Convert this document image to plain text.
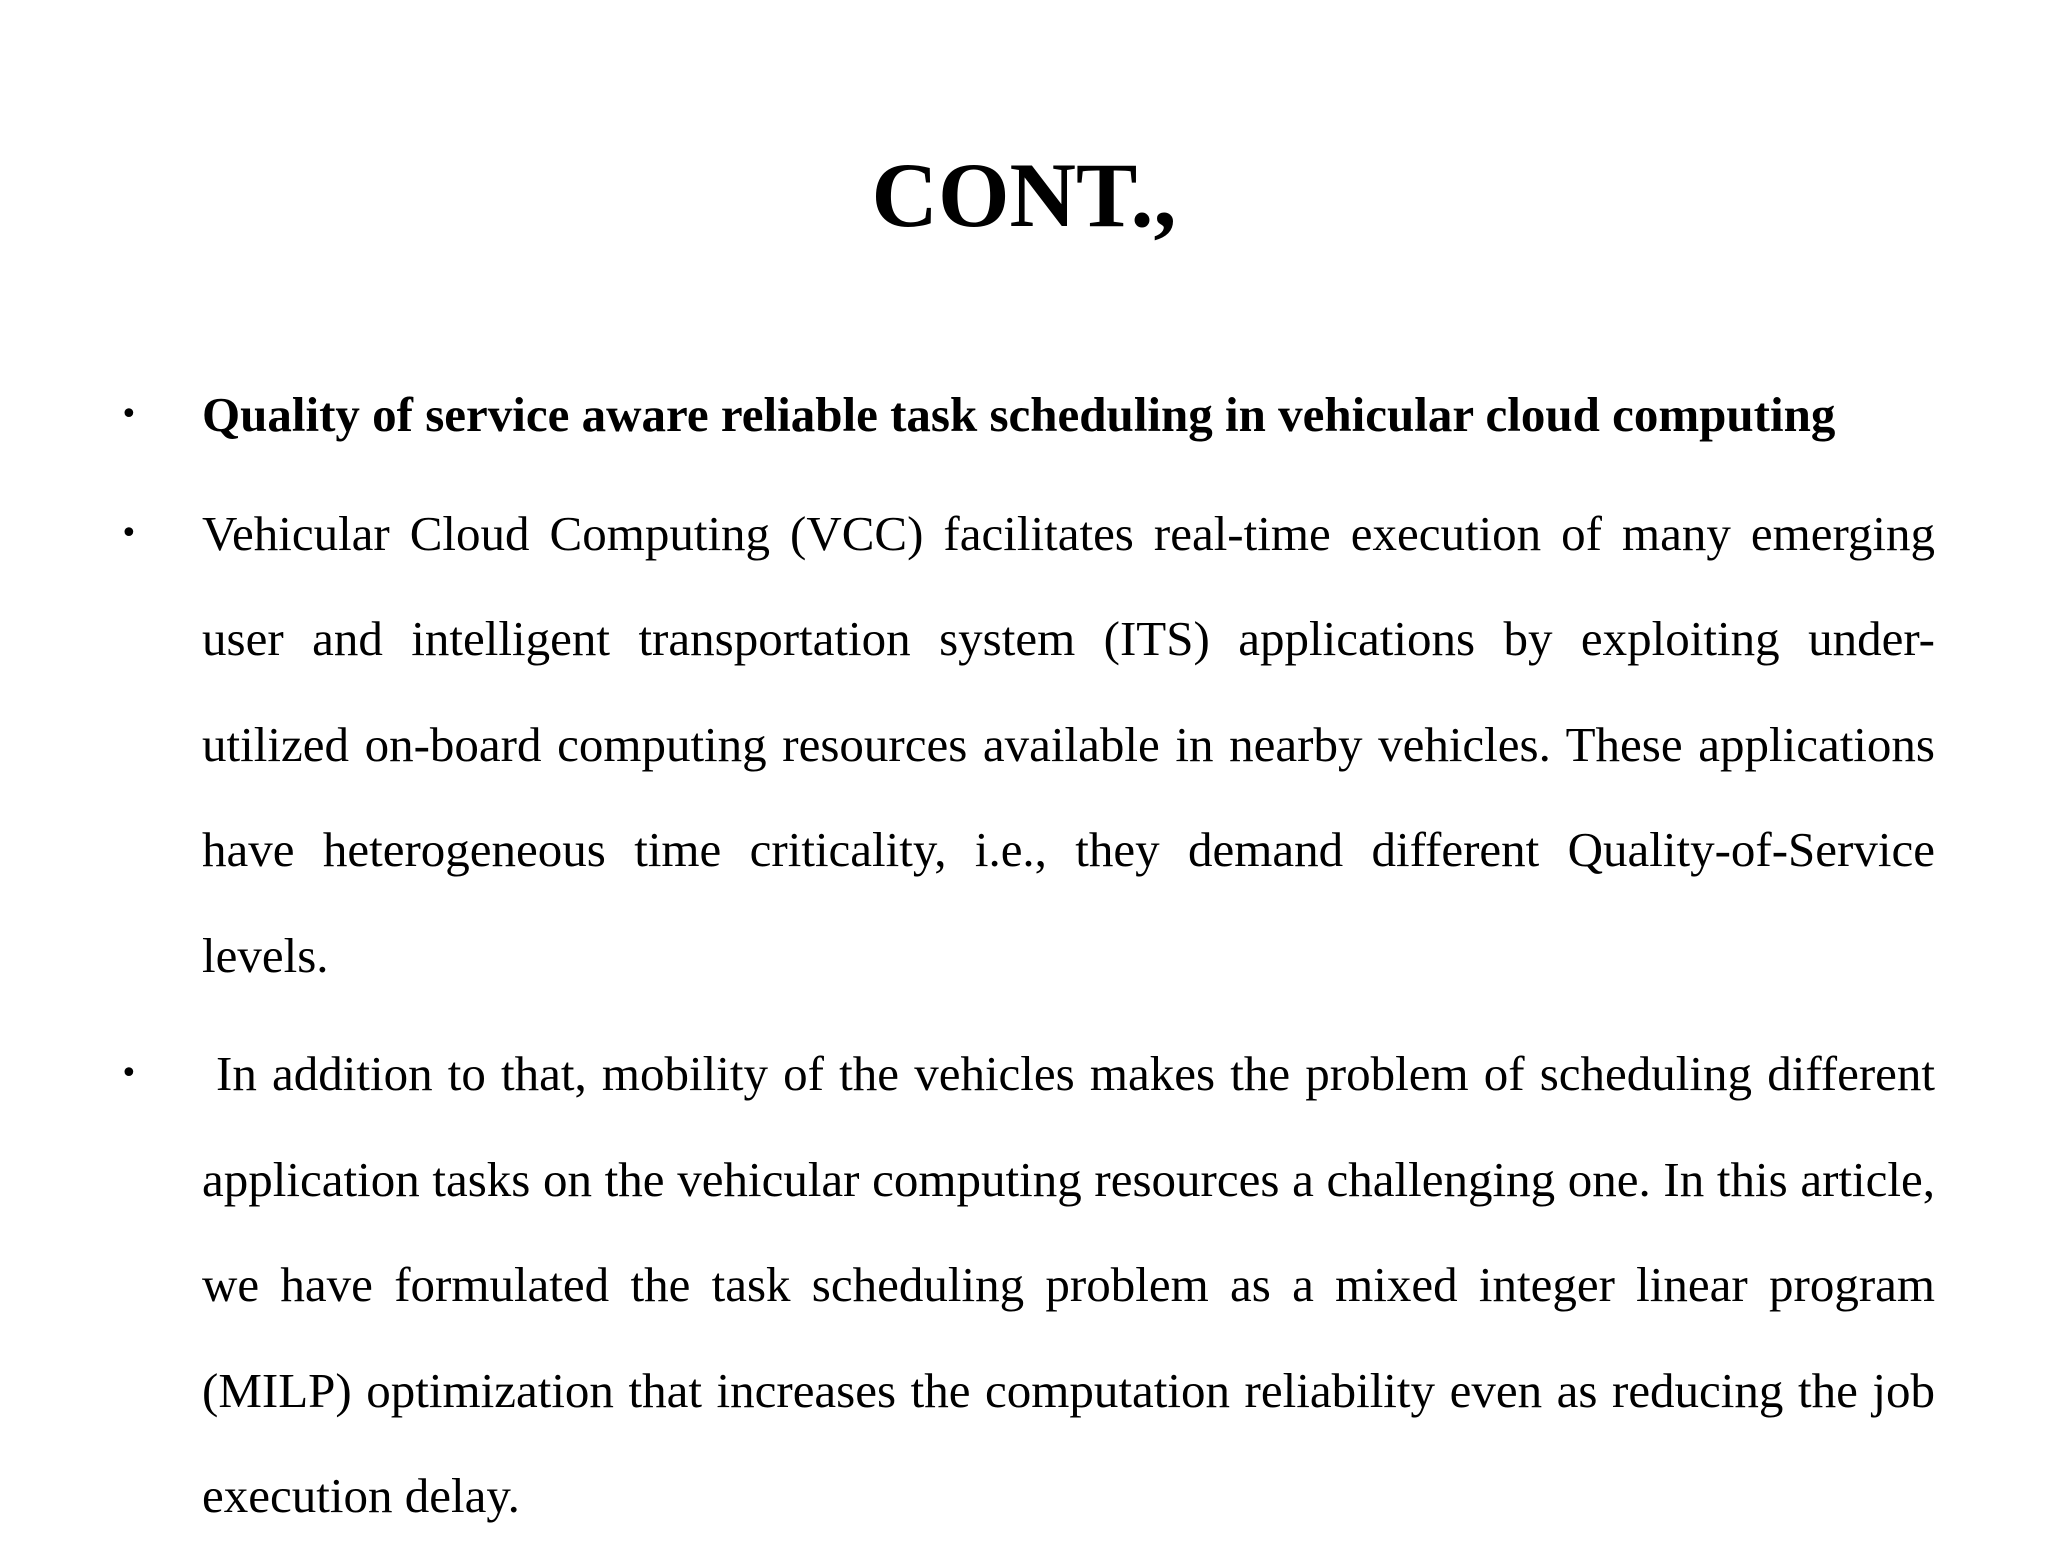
CONT.,
• Quality of service aware reliable task scheduling in vehicular cloud computing
• Vehicular Cloud Computing (VCC) facilitates real-time execution of many emerging user and intelligent transportation system (ITS) applications by exploiting under-utilized on-board computing resources available in nearby vehicles. These applications have heterogeneous time criticality, i.e., they demand different Quality-of-Service levels.
• In addition to that, mobility of the vehicles makes the problem of scheduling different application tasks on the vehicular computing resources a challenging one. In this article, we have formulated the task scheduling problem as a mixed integer linear program (MILP) optimization that increases the computation reliability even as reducing the job execution delay.
